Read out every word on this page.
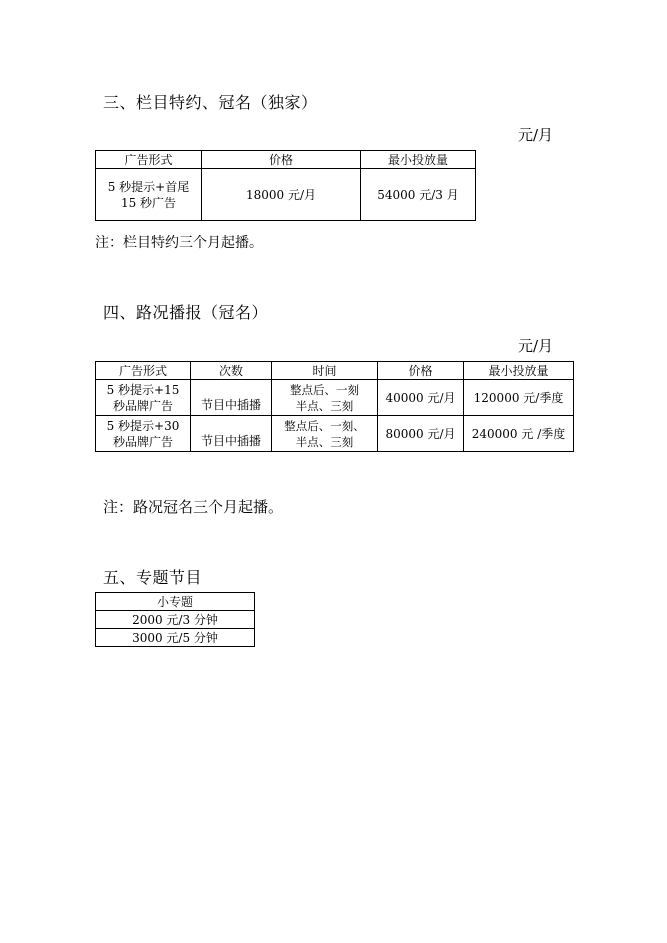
三、栏目特约、冠名（独家）
元/月
广告形式	价格	最小投放量
5 秒提示+首尾
15 秒广告	18000 元/月	54000 元/3 月
注：栏目特约三个月起播。
四、路况播报（冠名）
元/月
广告形式	次数	时间	价格	最小投放量
5 秒提示+15
秒品牌广告	节目中插播	整点后、一刻
半点、三刻	40000 元/月	120000 元/季度
5 秒提示+30
秒品牌广告	节目中插播	整点后、一刻、
半点、三刻	80000 元/月	240000 元 /季度
注：路况冠名三个月起播。
五、专题节目
小专题
2000 元/3 分钟
3000 元/5 分钟
